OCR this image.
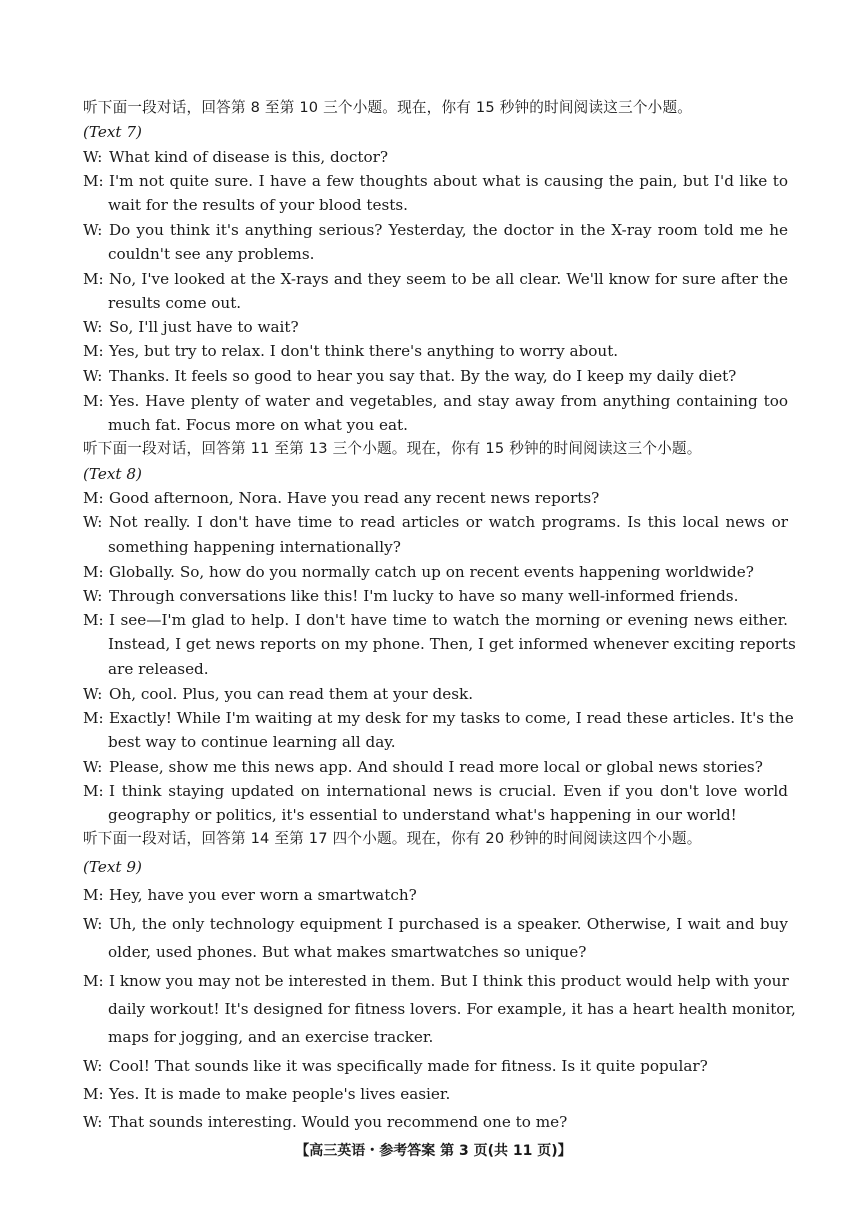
听下面一段对话，回答第 8 至第 10 三个小题。现在，你有 15 秒钟的时间阅读这三个小题。
(Text 7)
W: What kind of disease is this, doctor?
M: I'm not quite sure. I have a few thoughts about what is causing the pain, but I'd like to
wait for the results of your blood tests.
W: Do you think it's anything serious? Yesterday, the doctor in the X-ray room told me he
couldn't see any problems.
M: No, I've looked at the X-rays and they seem to be all clear. We'll know for sure after the
results come out.
W: So, I'll just have to wait?
M: Yes, but try to relax. I don't think there's anything to worry about.
W: Thanks. It feels so good to hear you say that. By the way, do I keep my daily diet?
M: Yes. Have plenty of water and vegetables, and stay away from anything containing too
much fat. Focus more on what you eat.
听下面一段对话，回答第 11 至第 13 三个小题。现在，你有 15 秒钟的时间阅读这三个小题。
(Text 8)
M: Good afternoon, Nora. Have you read any recent news reports?
W: Not really. I don't have time to read articles or watch programs. Is this local news or
something happening internationally?
M: Globally. So, how do you normally catch up on recent events happening worldwide?
W: Through conversations like this! I'm lucky to have so many well-informed friends.
M: I see—I'm glad to help. I don't have time to watch the morning or evening news either.
Instead, I get news reports on my phone. Then, I get informed whenever exciting reports
are released.
W: Oh, cool. Plus, you can read them at your desk.
M: Exactly! While I'm waiting at my desk for my tasks to come, I read these articles. It's the
best way to continue learning all day.
W: Please, show me this news app. And should I read more local or global news stories?
M: I think staying updated on international news is crucial. Even if you don't love world
geography or politics, it's essential to understand what's happening in our world!
听下面一段对话，回答第 14 至第 17 四个小题。现在，你有 20 秒钟的时间阅读这四个小题。
(Text 9)
M: Hey, have you ever worn a smartwatch?
W: Uh, the only technology equipment I purchased is a speaker. Otherwise, I wait and buy
older, used phones. But what makes smartwatches so unique?
M: I know you may not be interested in them. But I think this product would help with your
daily workout! It's designed for fitness lovers. For example, it has a heart health monitor,
maps for jogging, and an exercise tracker.
W: Cool! That sounds like it was specifically made for fitness. Is it quite popular?
M: Yes. It is made to make people's lives easier.
W: That sounds interesting. Would you recommend one to me?
【高三英语・参考答案 第 3 页(共 11 页)】
